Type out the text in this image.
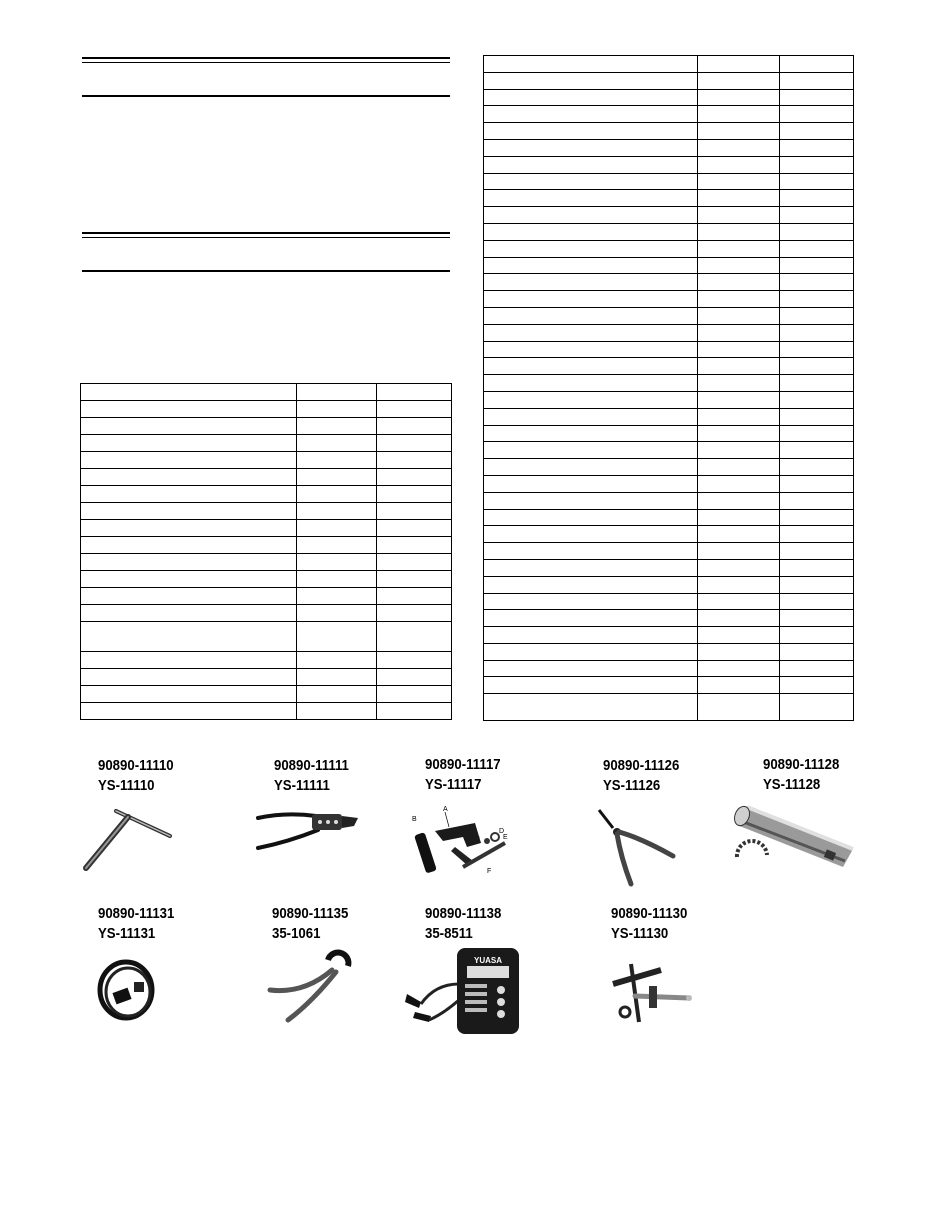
90890-11110
YS-11110
90890-11111
YS-11111
90890-11117
YS-11117
A
B
D
E
F
90890-11126
YS-11126
90890-11128
YS-11128
90890-11131
YS-11131
90890-11135
35-1061
90890-11138
35-8511
YUASA
90890-11130
YS-11130
